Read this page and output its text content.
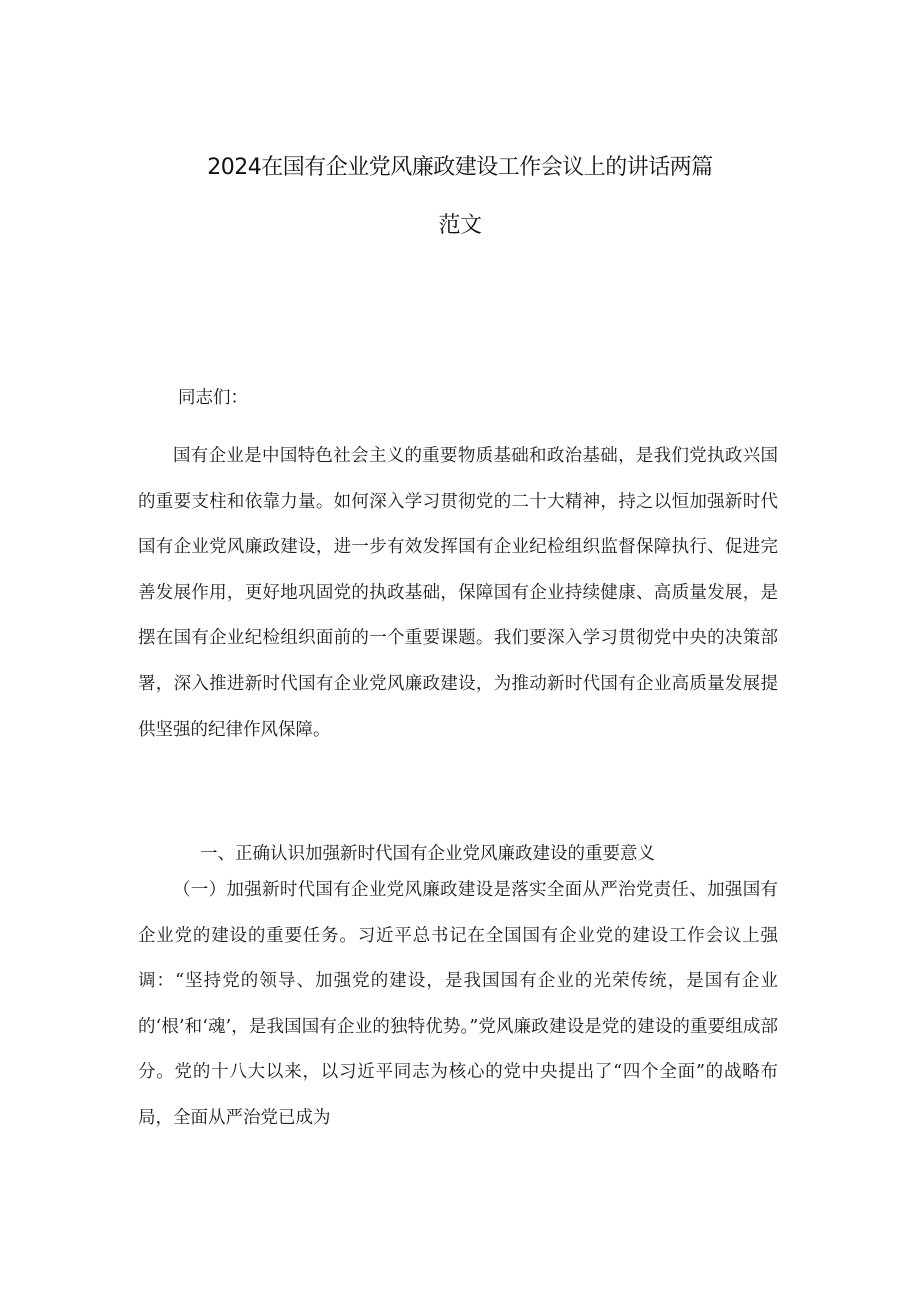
2024在国有企业党风廉政建设工作会议上的讲话两篇
范文

同志们：

国有企业是中国特色社会主义的重要物质基础和政治基础，是我们党执政兴国的重要支柱和依靠力量。如何深入学习贯彻党的二十大精神，持之以恒加强新时代国有企业党风廉政建设，进一步有效发挥国有企业纪检组织监督保障执行、促进完善发展作用，更好地巩固党的执政基础，保障国有企业持续健康、高质量发展，是摆在国有企业纪检组织面前的一个重要课题。我们要深入学习贯彻党中央的决策部署，深入推进新时代国有企业党风廉政建设，为推动新时代国有企业高质量发展提供坚强的纪律作风保障。

一、正确认识加强新时代国有企业党风廉政建设的重要意义

（一）加强新时代国有企业党风廉政建设是落实全面从严治党责任、加强国有企业党的建设的重要任务。习近平总书记在全国国有企业党的建设工作会议上强调：“坚持党的领导、加强党的建设，是我国国有企业的光荣传统，是国有企业的‘根’和‘魂’，是我国国有企业的独特优势。”党风廉政建设是党的建设的重要组成部分。党的十八大以来，以习近平同志为核心的党中央提出了“四个全面”的战略布局，全面从严治党已成为
